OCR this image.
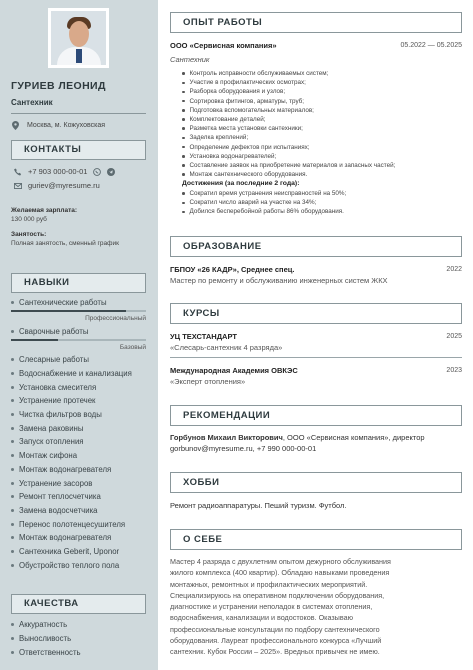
ГУРИЕВ ЛЕОНИД
Сантехник
Москва, м. Кожуховская
КОНТАКТЫ
+7 903 000-00-01
guriev@myresume.ru
Желаемая зарплата:
130 000 руб
Занятость:
Полная занятость, сменный график
НАВЫКИ
Сантехнические работы
Профессиональный
Сварочные работы
Базовый
Слесарные работы
Водоснабжение и канализация
Установка смесителя
Устранение протечек
Чистка фильтров воды
Замена раковины
Запуск отопления
Монтаж сифона
Монтаж водонагревателя
Устранение засоров
Ремонт теплосчетчика
Замена водосчетчика
Перенос полотенцесушителя
Монтаж водонагревателя
Сантехника Geberit, Uponor
Обустройство теплого пола
КАЧЕСТВА
Аккуратность
Выносливость
Ответственность
ОПЫТ РАБОТЫ
ООО «Сервисная компания»	05.2022 — 05.2025
Сантехник
Контроль исправности обслуживаемых систем;
Участие в профилактических осмотрах;
Разборка оборудования и узлов;
Сортировка фитингов, арматуры, труб;
Подготовка вспомогательных материалов;
Комплектование деталей;
Разметка места установки сантехники;
Заделка креплений;
Определение дефектов при испытаниях;
Установка водонагревателей;
Составление заявок на приобретение материалов и запасных частей;
Монтаж сантехнического оборудования.
Достижения (за последние 2 года):
Сократил время устранения неисправностей на 50%;
Сократил число аварий на участке на 34%;
Добился бесперебойной работы 86% оборудования.
ОБРАЗОВАНИЕ
ГБПОУ «26 КАДР», Среднее спец.	2022
Мастер по ремонту и обслуживанию инженерных систем ЖКХ
КУРСЫ
УЦ ТЕХСТАНДАРТ	2025
«Слесарь-сантехник 4 разряда»
Международная Академия ОВКЭС	2023
«Эксперт отопления»
РЕКОМЕНДАЦИИ
Горбунов Михаил Викторович, ООО «Сервисная компания», директор
gorbunov@myresume.ru, +7 990 000-00-01
ХОББИ
Ремонт радиоаппаратуры. Пеший туризм. Футбол.
О СЕБЕ
Мастер 4 разряда с двухлетним опытом дежурного обслуживания
жилого комплекса (400 квартир). Обладаю навыками проведения
монтажных, ремонтных и профилактических мероприятий.
Специализируюсь на оперативном подключении оборудования,
диагностике и устранении неполадок в системах отопления,
водоснабжения, канализации и водостоков. Оказываю
профессиональные консультации по подбору сантехнического
оборудования. Лауреат профессионального конкурса «Лучший
сантехник. Кубок России – 2025». Вредных привычек не имею.
